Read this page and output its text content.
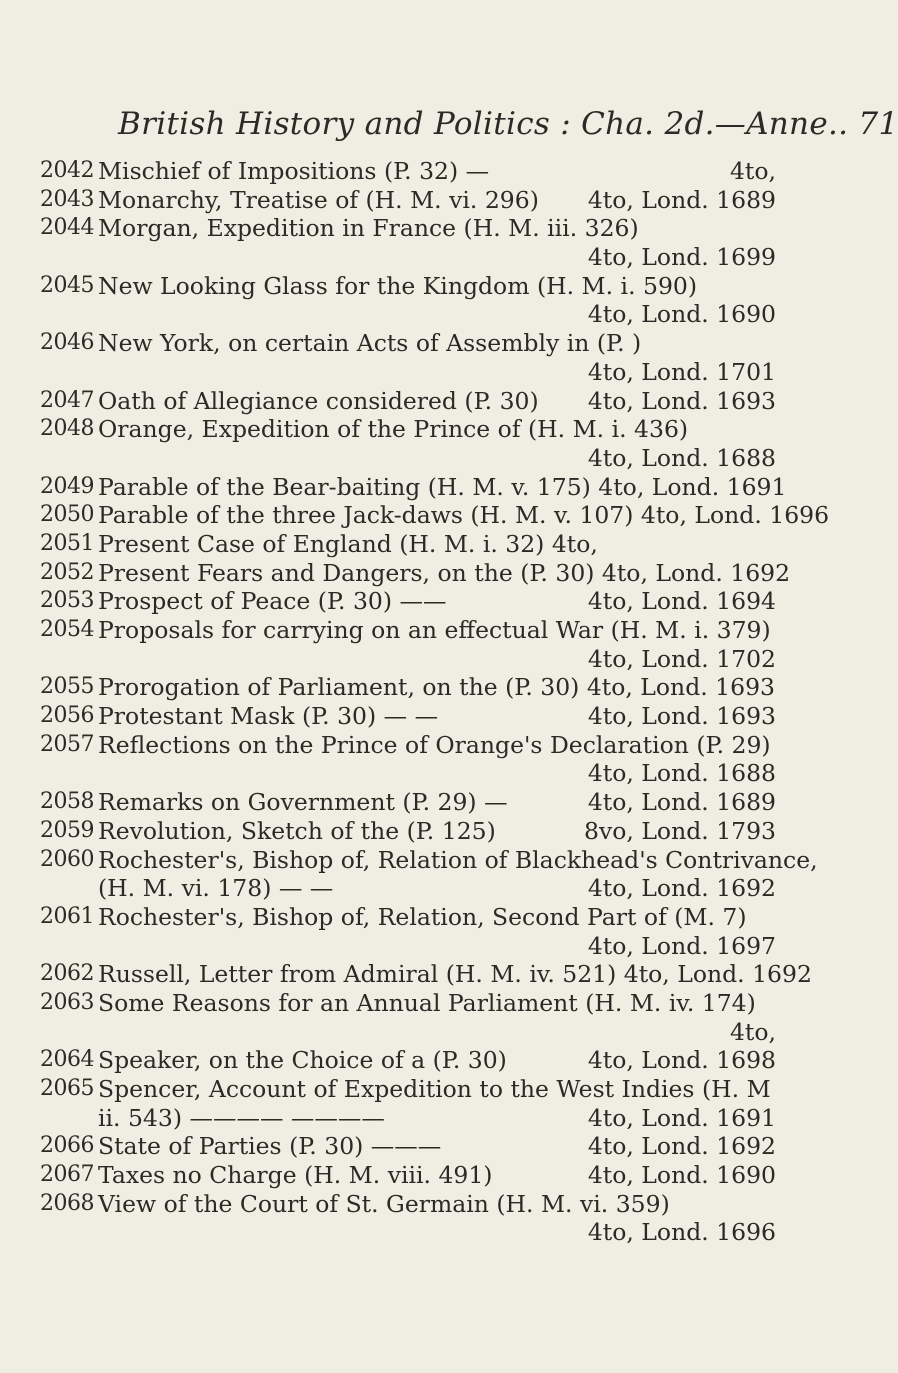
British History and Politics : Cha. 2d.—Anne.. 71
2042 Mischief of Impositions (P. 32) —	4to,
2043 Monarchy, Treatise of (H. M. vi. 296) 4to, Lond. 1689
2044 Morgan, Expedition in France (H. M. iii. 326)
4to, Lond. 1699
2045 New Looking Glass for the Kingdom (H. M. i. 590)
4to, Lond. 1690
2046 New York, on certain Acts of Assembly in (P. )
4to, Lond. 1701
2047 Oath of Allegiance considered (P. 30) 4to, Lond. 1693
2048 Orange, Expedition of the Prince of (H. M. i. 436)
4to, Lond. 1688
2049 Parable of the Bear-baiting (H. M. v. 175) 4to, Lond. 1691
2050 Parable of the three Jack-daws (H. M. v. 107) 4to, Lond. 1696
2051 Present Case of England (H. M. i. 32) 4to,
2052 Present Fears and Dangers, on the (P. 30) 4to, Lond. 1692
2053 Prospect of Peace (P. 30) ——	4to, Lond. 1694
2054 Proposals for carrying on an effectual War (H. M. i. 379)
4to, Lond. 1702
2055 Prorogation of Parliament, on the (P. 30) 4to, Lond. 1693
2056 Protestant Mask (P. 30) — —	4to, Lond. 1693
2057 Reflections on the Prince of Orange's Declaration (P. 29)
4to, Lond. 1688
2058 Remarks on Government (P. 29) —	4to, Lond. 1689
2059 Revolution, Sketch of the (P. 125)	8vo, Lond. 1793
2060 Rochester's, Bishop of, Relation of Blackhead's Contrivance,
(H. M. vi. 178) — —	4to, Lond. 1692
2061 Rochester's, Bishop of, Relation, Second Part of (M. 7)
4to, Lond. 1697
2062 Russell, Letter from Admiral (H. M. iv. 521) 4to, Lond. 1692
2063 Some Reasons for an Annual Parliament (H. M. iv. 174)
4to,
2064 Speaker, on the Choice of a (P. 30)	4to, Lond. 1698
2065 Spencer, Account of Expedition to the West Indies (H. M
ii. 543) ———— ————	4to, Lond. 1691
2066 State of Parties (P. 30) ———	4to, Lond. 1692
2067 Taxes no Charge (H. M. viii. 491)	4to, Lond. 1690
2068 View of the Court of St. Germain (H. M. vi. 359)
4to, Lond. 1696
